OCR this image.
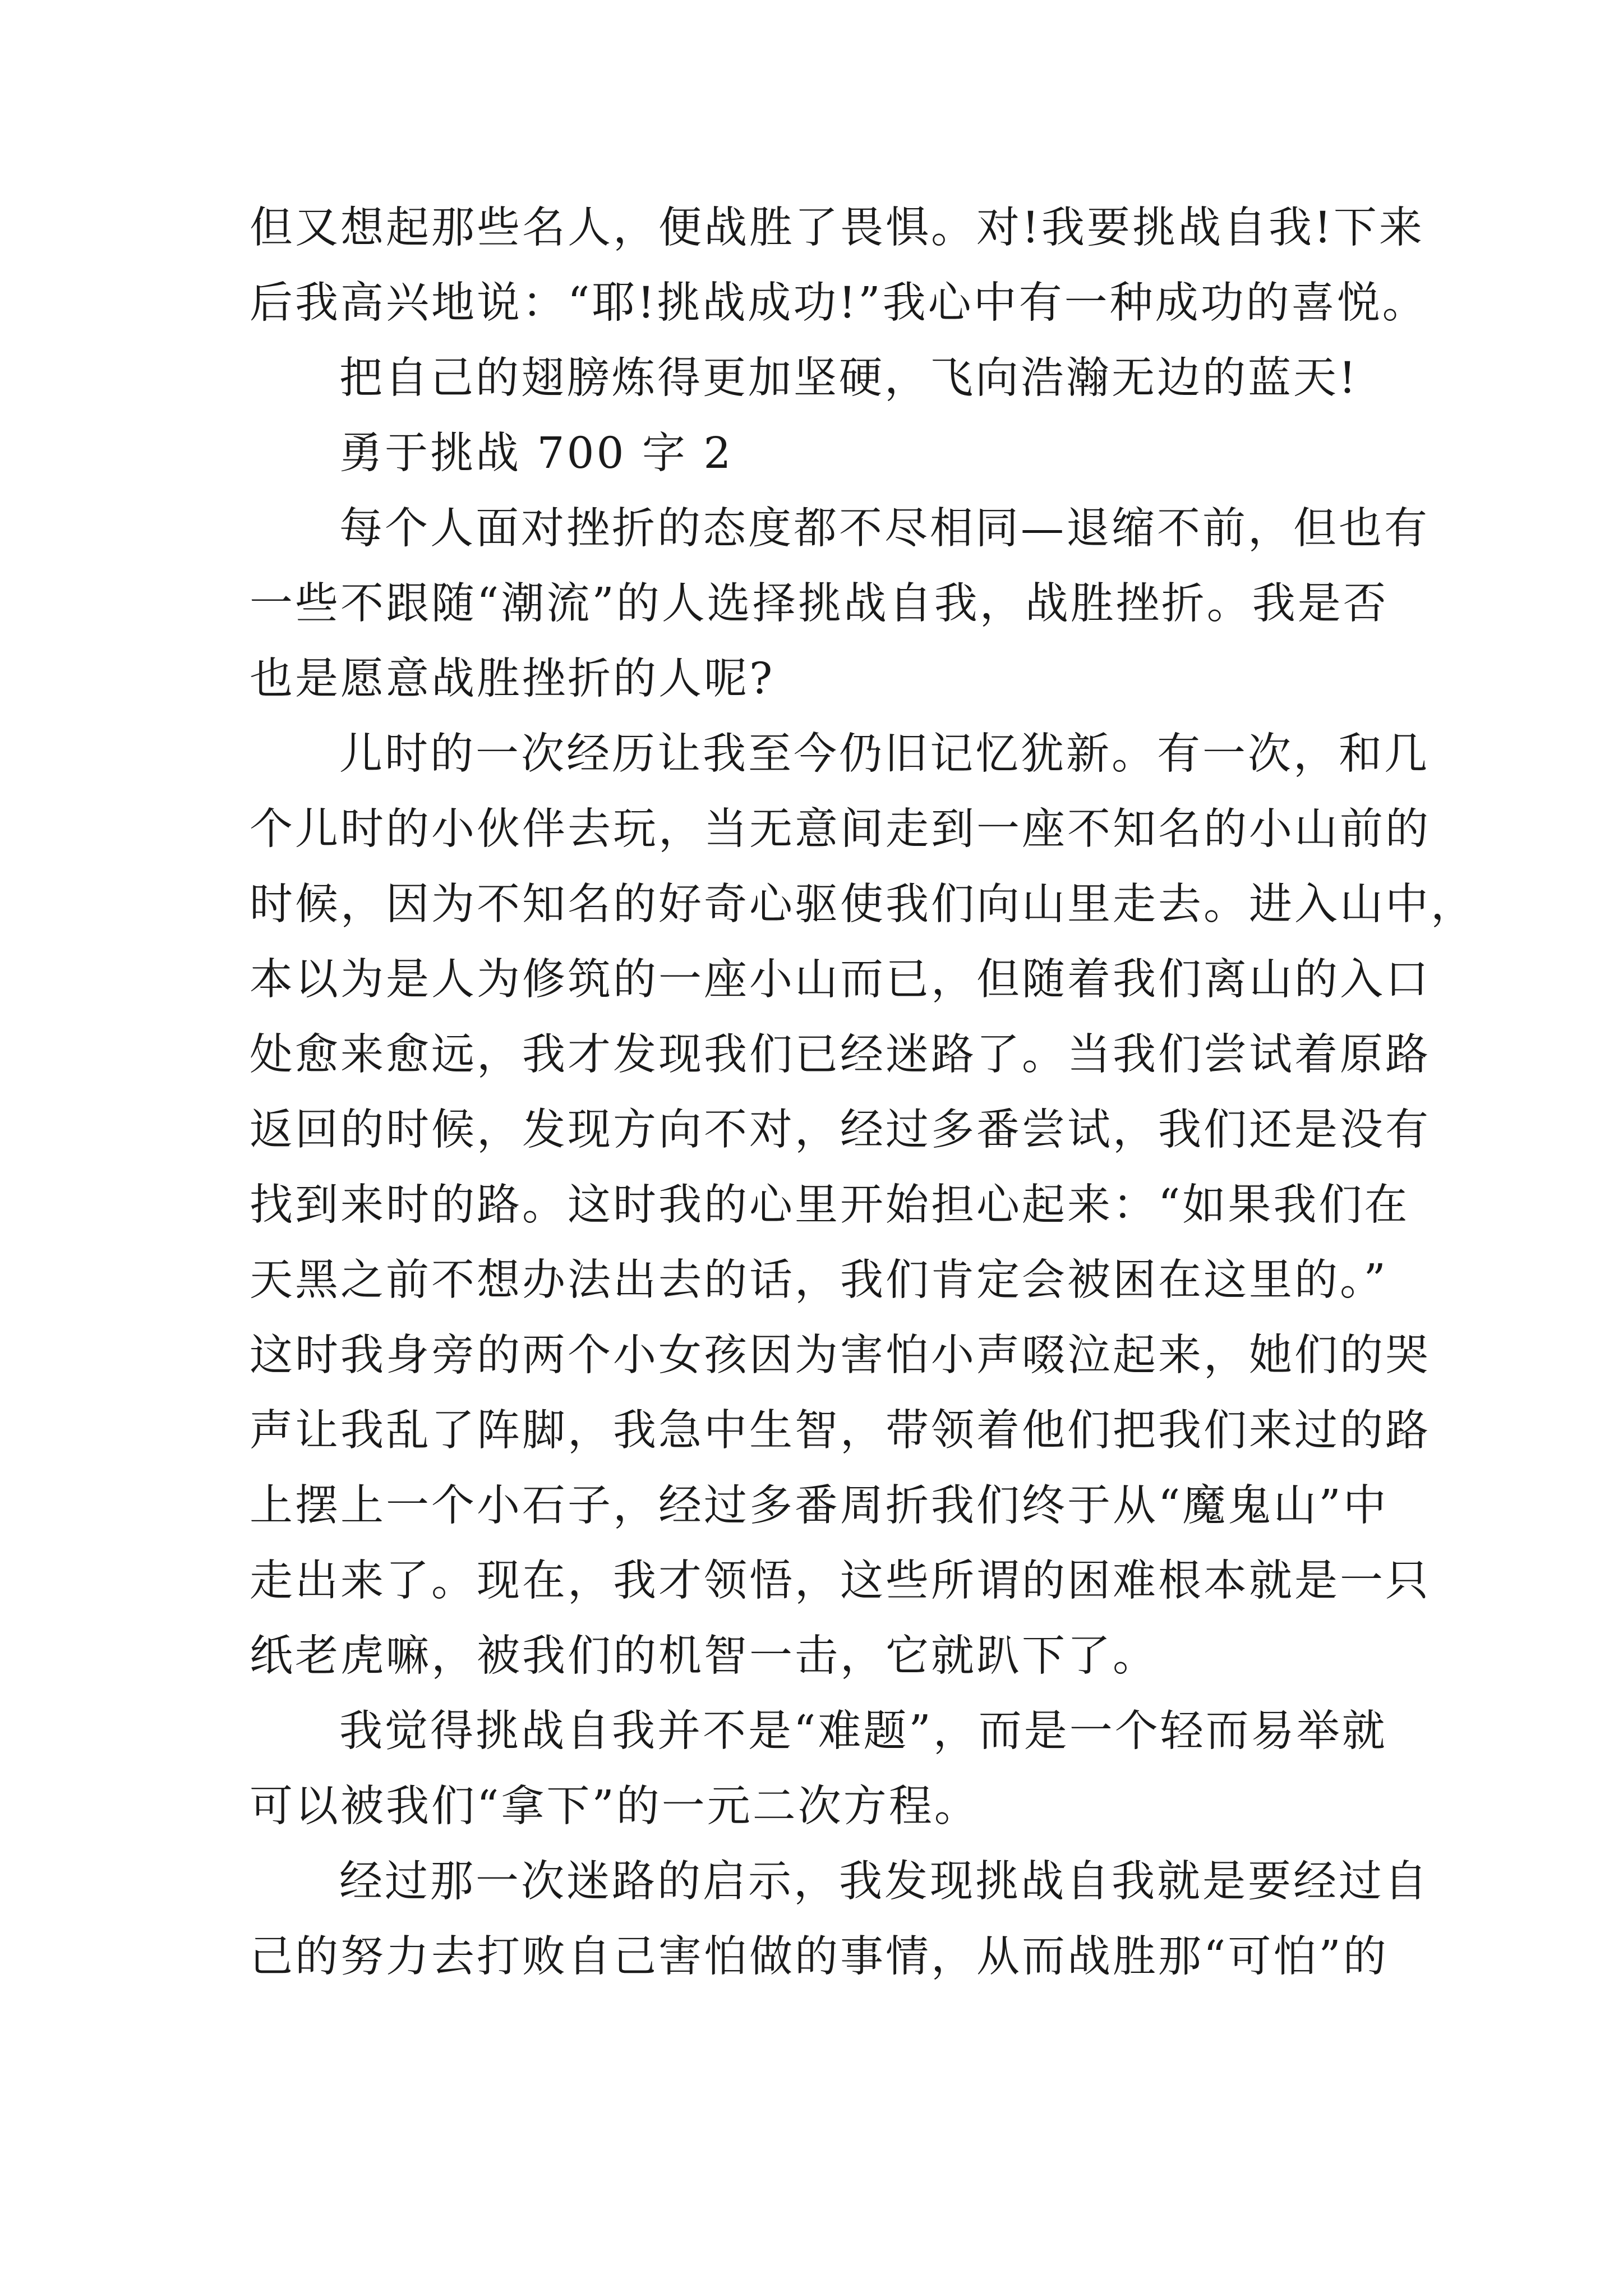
但又想起那些名人，便战胜了畏惧。对!我要挑战自我!下来
后我高兴地说：“耶!挑战成功!”我心中有一种成功的喜悦。
把自己的翅膀炼得更加坚硬，飞向浩瀚无边的蓝天!
勇于挑战 700 字 2
每个人面对挫折的态度都不尽相同—退缩不前，但也有
一些不跟随“潮流”的人选择挑战自我，战胜挫折。我是否
也是愿意战胜挫折的人呢?
儿时的一次经历让我至今仍旧记忆犹新。有一次，和几
个儿时的小伙伴去玩，当无意间走到一座不知名的小山前的
时候，因为不知名的好奇心驱使我们向山里走去。进入山中，
本以为是人为修筑的一座小山而已，但随着我们离山的入口
处愈来愈远，我才发现我们已经迷路了。当我们尝试着原路
返回的时候，发现方向不对，经过多番尝试，我们还是没有
找到来时的路。这时我的心里开始担心起来：“如果我们在
天黑之前不想办法出去的话，我们肯定会被困在这里的。”
这时我身旁的两个小女孩因为害怕小声啜泣起来，她们的哭
声让我乱了阵脚，我急中生智，带领着他们把我们来过的路
上摆上一个小石子，经过多番周折我们终于从“魔鬼山”中
走出来了。现在，我才领悟，这些所谓的困难根本就是一只
纸老虎嘛，被我们的机智一击，它就趴下了。
我觉得挑战自我并不是“难题”，而是一个轻而易举就
可以被我们“拿下”的一元二次方程。
经过那一次迷路的启示，我发现挑战自我就是要经过自
己的努力去打败自己害怕做的事情，从而战胜那“可怕”的
